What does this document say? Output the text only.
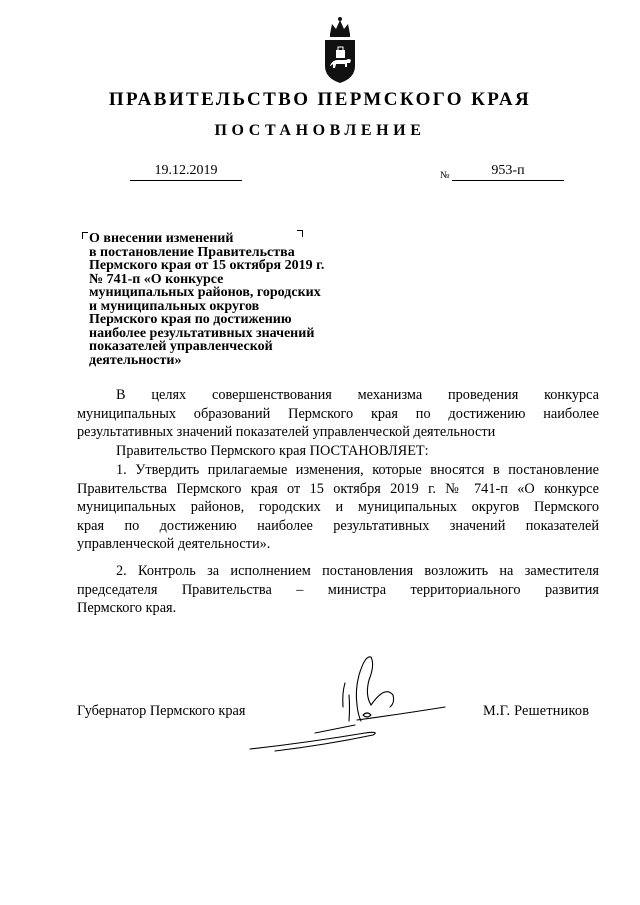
ПРАВИТЕЛЬСТВО ПЕРМСКОГО КРАЯ
ПОСТАНОВЛЕНИЕ
19.12.2019	№	953-п
О внесении изменений
в постановление Правительства
Пермского края от 15 октября 2019 г.
№ 741-п «О конкурсе
муниципальных районов, городских
и муниципальных округов
Пермского края по достижению
наиболее результативных значений
показателей управленческой
деятельности»
В целях совершенствования механизма проведения конкурса
муниципальных образований Пермского края по достижению наиболее
результативных значений показателей управленческой деятельности
Правительство Пермского края ПОСТАНОВЛЯЕТ:
1. Утвердить прилагаемые изменения, которые вносятся в постановление
Правительства Пермского края от 15 октября 2019 г. № 741-п «О конкурсе
муниципальных районов, городских и муниципальных округов Пермского
края по достижению наиболее результативных значений показателей
управленческой деятельности».
2. Контроль за исполнением постановления возложить на заместителя
председателя Правительства – министра территориального развития
Пермского края.
Губернатор Пермского края	М.Г. Решетников
